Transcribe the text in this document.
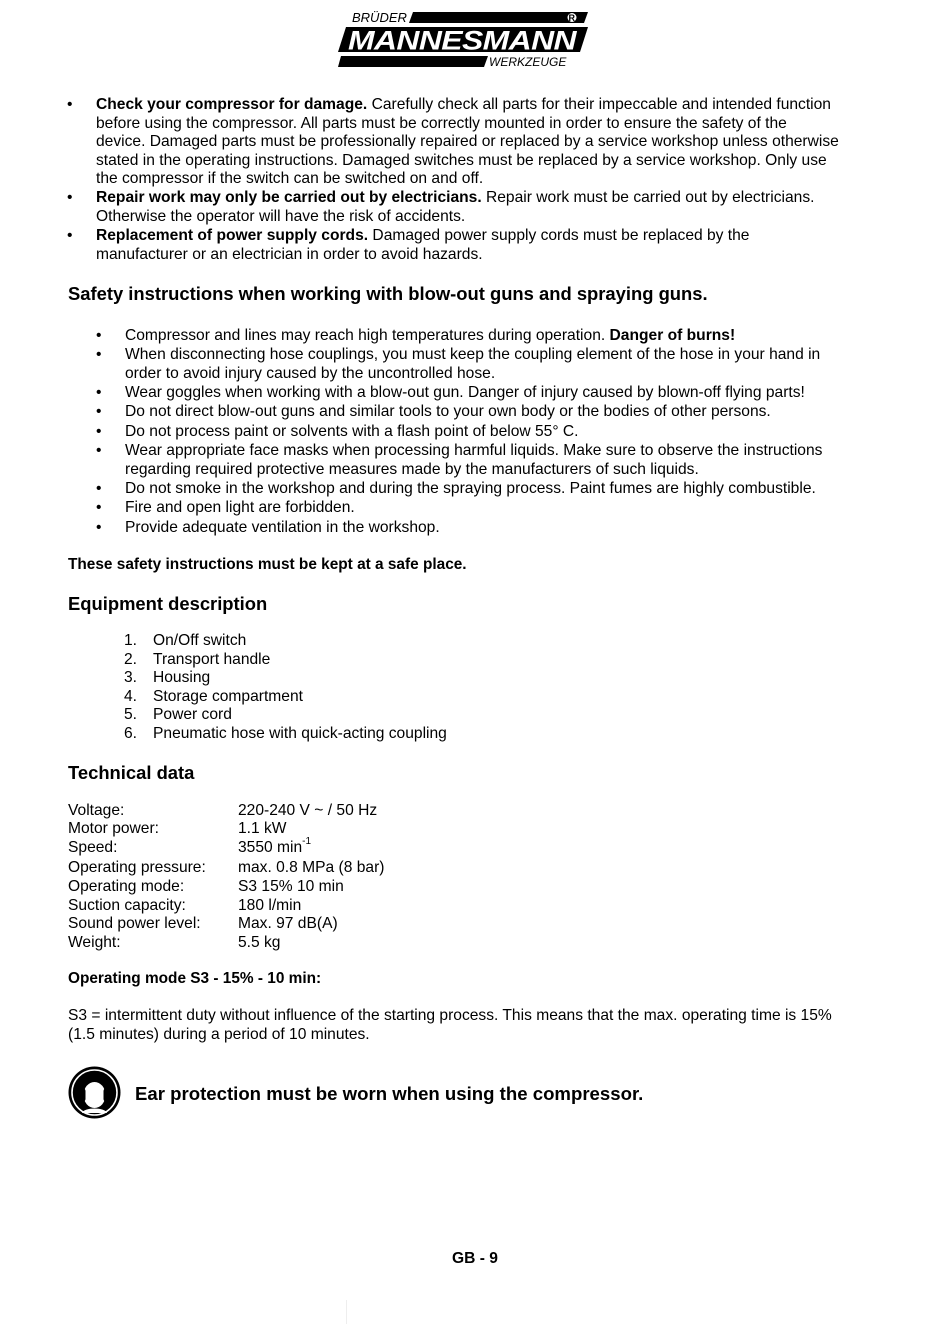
BRÜDER	R
MANNESMANN
WERKZEUGE
• Check your compressor for damage. Carefully check all parts for their impeccable and intended function
before using the compressor. All parts must be correctly mounted in order to ensure the safety of the
device. Damaged parts must be professionally repaired or replaced by a service workshop unless otherwise
stated in the operating instructions. Damaged switches must be replaced by a service workshop. Only use
the compressor if the switch can be switched on and off.
• Repair work may only be carried out by electricians. Repair work must be carried out by electricians.
Otherwise the operator will have the risk of accidents.
• Replacement of power supply cords. Damaged power supply cords must be replaced by the
manufacturer or an electrician in order to avoid hazards.
Safety instructions when working with blow-out guns and spraying guns.
• Compressor and lines may reach high temperatures during operation. Danger of burns!
• When disconnecting hose couplings, you must keep the coupling element of the hose in your hand in
order to avoid injury caused by the uncontrolled hose.
• Wear goggles when working with a blow-out gun. Danger of injury caused by blown-off flying parts!
• Do not direct blow-out guns and similar tools to your own body or the bodies of other persons.
• Do not process paint or solvents with a flash point of below 55° C.
• Wear appropriate face masks when processing harmful liquids. Make sure to observe the instructions
regarding required protective measures made by the manufacturers of such liquids.
• Do not smoke in the workshop and during the spraying process. Paint fumes are highly combustible.
• Fire and open light are forbidden.
• Provide adequate ventilation in the workshop.
These safety instructions must be kept at a safe place.
Equipment description
1. On/Off switch
2. Transport handle
3. Housing
4. Storage compartment
5. Power cord
6. Pneumatic hose with quick-acting coupling
Technical data
Voltage:	220-240 V ~ / 50 Hz
Motor power:	1.1 kW
Speed:	3550 $\min^{-1}$
Operating pressure: max. 0.8 MPa (8 bar)
Operating mode:	S3 15% 10 min
Suction capacity:	180 l/min
Sound power level: Max. 97 dB(A)
Weight:	5.5 kg
Operating mode S3 - 15% - 10 min:
S3 = intermittent duty without influence of the starting process. This means that the max. operating time is 15%
(1.5 minutes) during a period of 10 minutes.
Ear protection must be worn when using the compressor.
GB - 9
